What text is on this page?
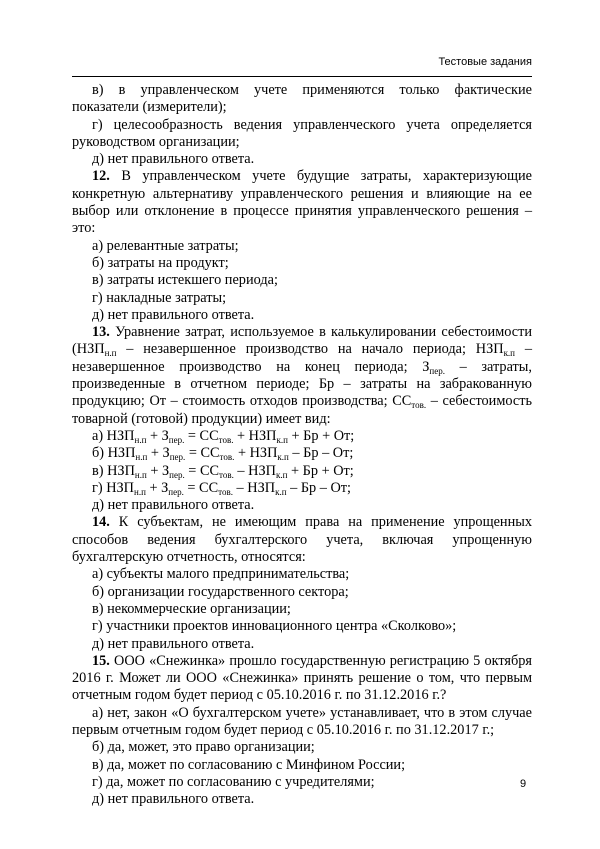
Тестовые задания

в) в управленческом учете применяются только фактические показатели (измерители);

г) целесообразность ведения управленческого учета определяется руководством организации;

д) нет правильного ответа.

12. В управленческом учете будущие затраты, характеризующие конкретную альтернативу управленческого решения и влияющие на ее выбор или отклонение в процессе принятия управленческого решения – это:

а) релевантные затраты;

б) затраты на продукт;

в) затраты истекшего периода;

г) накладные затраты;

д) нет правильного ответа.

13. Уравнение затрат, используемое в калькулировании себестоимости ($НЗП_{н.п}$ – незавершенное производство на начало периода; $НЗП_{к.п}$ – незавершенное производство на конец периода; $З_{пер.}$ – затраты, произведенные в отчетном периоде; Бр – затраты на забракованную продукцию; От – стоимость отходов производства; $СС_{тов.}$ – себестоимость товарной (готовой) продукции) имеет вид:

а) $НЗП_{н.п} + З_{пер.} = СС_{тов.} + НЗП_{к.п}$ + Бр + От;

б) $НЗП_{н.п} + З_{пер.} = СС_{тов.} + НЗП_{к.п}$ – Бр – От;

в) $НЗП_{н.п} + З_{пер.} = СС_{тов.} - НЗП_{к.п}$ + Бр + От;

г) $НЗП_{н.п} + З_{пер.} = СС_{тов.} - НЗП_{к.п}$ – Бр – От;

д) нет правильного ответа.

14. К субъектам, не имеющим права на применение упрощенных способов ведения бухгалтерского учета, включая упрощенную бухгалтерскую отчетность, относятся:

а) субъекты малого предпринимательства;

б) организации государственного сектора;

в) некоммерческие организации;

г) участники проектов инновационного центра «Сколково»;

д) нет правильного ответа.

15. ООО «Снежинка» прошло государственную регистрацию 5 октября 2016 г. Может ли ООО «Снежинка» принять решение о том, что первым отчетным годом будет период с 05.10.2016 г. по 31.12.2016 г.?

а) нет, закон «О бухгалтерском учете» устанавливает, что в этом случае первым отчетным годом будет период с 05.10.2016 г. по 31.12.2017 г.;

б) да, может, это право организации;

в) да, может по согласованию с Минфином России;

г) да, может по согласованию с учредителями;

д) нет правильного ответа.

9
